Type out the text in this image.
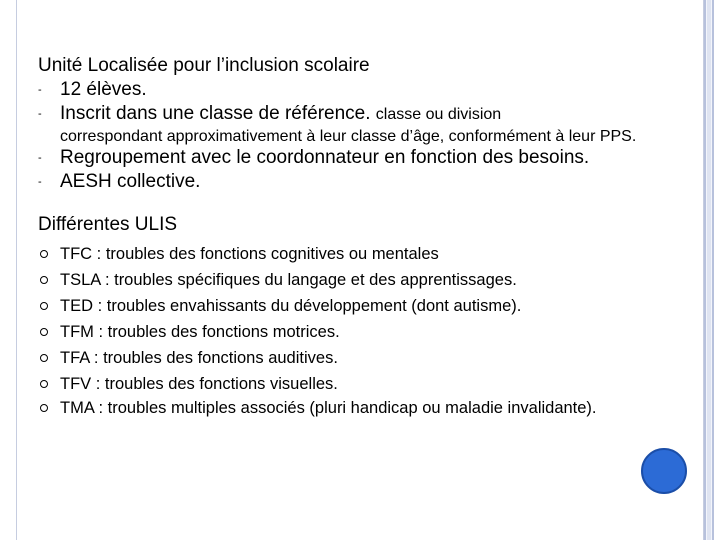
Unité Localisée pour l’inclusion scolaire

- 12 élèves.
- Inscrit dans une classe de référence. classe ou division
correspondant approximativement à leur classe d’âge, conformément à leur PPS.
- Regroupement avec le coordonnateur en fonction des besoins.
- AESH collective.

Différentes ULIS

TFC : troubles des fonctions cognitives ou mentales
TSLA : troubles spécifiques du langage et des apprentissages.
TED : troubles envahissants du développement (dont autisme).
TFM : troubles des fonctions motrices.
TFA : troubles des fonctions auditives.
TFV : troubles des fonctions visuelles.
TMA : troubles multiples associés (pluri handicap ou maladie invalidante).
